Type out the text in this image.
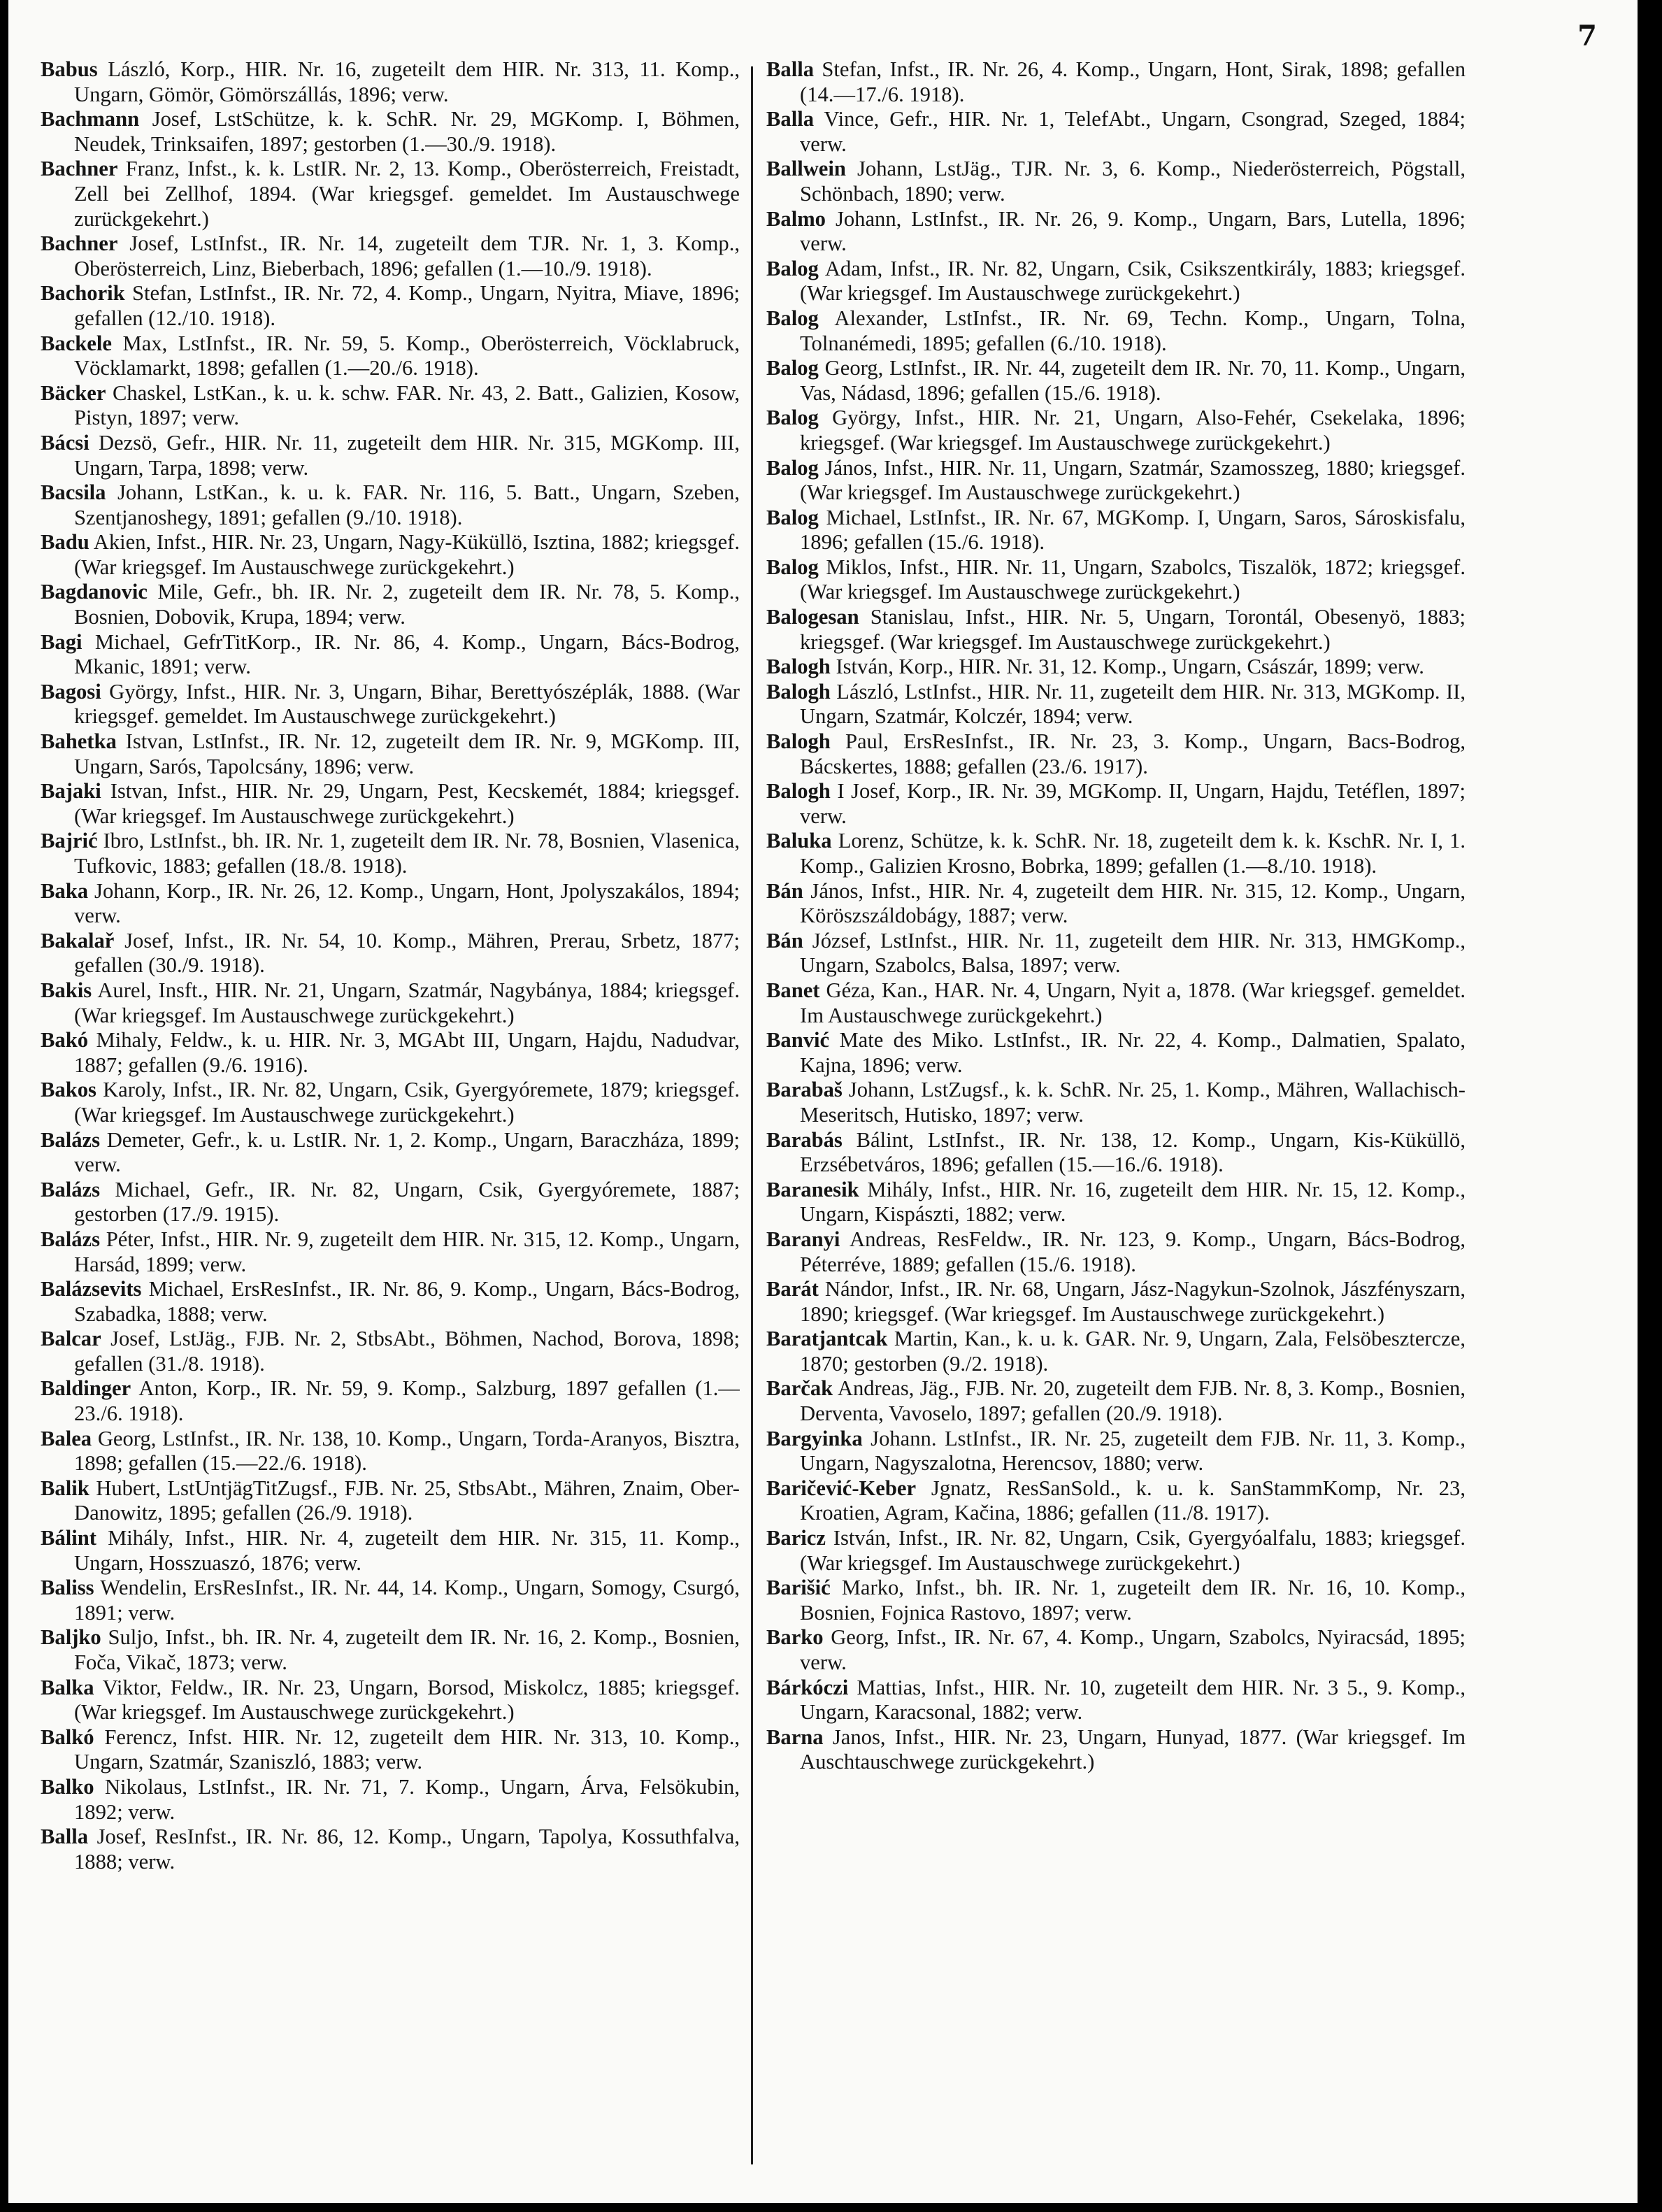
7

Babus László, Korp., HIR. Nr. 16, zugeteilt dem HIR. Nr. 313, 11. Komp., Ungarn, Gömör, Gömörszállás, 1896; verw.

Bachmann Josef, LstSchütze, k. k. SchR. Nr. 29, MGKomp. I, Böhmen, Neudek, Trinksaifen, 1897; gestorben (1.—30./9. 1918).

Bachner Franz, Infst., k. k. LstIR. Nr. 2, 13. Komp., Oberösterreich, Freistadt, Zell bei Zellhof, 1894. (War kriegsgef. gemeldet. Im Austauschwege zurückgekehrt.)

Bachner Josef, LstInfst., IR. Nr. 14, zugeteilt dem TJR. Nr. 1, 3. Komp., Oberösterreich, Linz, Bieberbach, 1896; gefallen (1.—10./9. 1918).

Bachorik Stefan, LstInfst., IR. Nr. 72, 4. Komp., Ungarn, Nyitra, Miave, 1896; gefallen (12./10. 1918).

Backele Max, LstInfst., IR. Nr. 59, 5. Komp., Oberösterreich, Vöcklabruck, Vöcklamarkt, 1898; gefallen (1.—20./6. 1918).

Bäcker Chaskel, LstKan., k. u. k. schw. FAR. Nr. 43, 2. Batt., Galizien, Kosow, Pistyn, 1897; verw.

Bácsi Dezsö, Gefr., HIR. Nr. 11, zugeteilt dem HIR. Nr. 315, MGKomp. III, Ungarn, Tarpa, 1898; verw.

Bacsila Johann, LstKan., k. u. k. FAR. Nr. 116, 5. Batt., Ungarn, Szeben, Szentjanoshegy, 1891; gefallen (9./10. 1918).

Badu Akien, Infst., HIR. Nr. 23, Ungarn, Nagy-Küküllö, Isztina, 1882; kriegsgef. (War kriegsgef. Im Austauschwege zurückgekehrt.)

Bagdanovic Mile, Gefr., bh. IR. Nr. 2, zugeteilt dem IR. Nr. 78, 5. Komp., Bosnien, Dobovik, Krupa, 1894; verw.

Bagi Michael, GefrTitKorp., IR. Nr. 86, 4. Komp., Ungarn, Bács-Bodrog, Mkanic, 1891; verw.

Bagosi György, Infst., HIR. Nr. 3, Ungarn, Bihar, Berettyószéplák, 1888. (War kriegsgef. gemeldet. Im Austauschwege zurückgekehrt.)

Bahetka Istvan, LstInfst., IR. Nr. 12, zugeteilt dem IR. Nr. 9, MGKomp. III, Ungarn, Sarós, Tapolcsány, 1896; verw.

Bajaki Istvan, Infst., HIR. Nr. 29, Ungarn, Pest, Kecskemét, 1884; kriegsgef. (War kriegsgef. Im Austauschwege zurückgekehrt.)

Bajrić Ibro, LstInfst., bh. IR. Nr. 1, zugeteilt dem IR. Nr. 78, Bosnien, Vlasenica, Tufkovic, 1883; gefallen (18./8. 1918).

Baka Johann, Korp., IR. Nr. 26, 12. Komp., Ungarn, Hont, Jpolyszakálos, 1894; verw.

Bakalař Josef, Infst., IR. Nr. 54, 10. Komp., Mähren, Prerau, Srbetz, 1877; gefallen (30./9. 1918).

Bakis Aurel, Insft., HIR. Nr. 21, Ungarn, Szatmár, Nagybánya, 1884; kriegsgef. (War kriegsgef. Im Austauschwege zurückgekehrt.)

Bakó Mihaly, Feldw., k. u. HIR. Nr. 3, MGAbt III, Ungarn, Hajdu, Nadudvar, 1887; gefallen (9./6. 1916).

Bakos Karoly, Infst., IR. Nr. 82, Ungarn, Csik, Gyergyóremete, 1879; kriegsgef. (War kriegsgef. Im Austauschwege zurückgekehrt.)

Balázs Demeter, Gefr., k. u. LstIR. Nr. 1, 2. Komp., Ungarn, Baraczháza, 1899; verw.

Balázs Michael, Gefr., IR. Nr. 82, Ungarn, Csik, Gyergyóremete, 1887; gestorben (17./9. 1915).

Balázs Péter, Infst., HIR. Nr. 9, zugeteilt dem HIR. Nr. 315, 12. Komp., Ungarn, Harsád, 1899; verw.

Balázsevits Michael, ErsResInfst., IR. Nr. 86, 9. Komp., Ungarn, Bács-Bodrog, Szabadka, 1888; verw.

Balcar Josef, LstJäg., FJB. Nr. 2, StbsAbt., Böhmen, Nachod, Borova, 1898; gefallen (31./8. 1918).

Baldinger Anton, Korp., IR. Nr. 59, 9. Komp., Salzburg, 1897 gefallen (1.—23./6. 1918).

Balea Georg, LstInfst., IR. Nr. 138, 10. Komp., Ungarn, Torda-Aranyos, Bisztra, 1898; gefallen (15.—22./6. 1918).

Balik Hubert, LstUntjägTitZugsf., FJB. Nr. 25, StbsAbt., Mähren, Znaim, Ober-Danowitz, 1895; gefallen (26./9. 1918).

Bálint Mihály, Infst., HIR. Nr. 4, zugeteilt dem HIR. Nr. 315, 11. Komp., Ungarn, Hosszuaszó, 1876; verw.

Baliss Wendelin, ErsResInfst., IR. Nr. 44, 14. Komp., Ungarn, Somogy, Csurgó, 1891; verw.

Baljko Suljo, Infst., bh. IR. Nr. 4, zugeteilt dem IR. Nr. 16, 2. Komp., Bosnien, Foča, Vikač, 1873; verw.

Balka Viktor, Feldw., IR. Nr. 23, Ungarn, Borsod, Miskolcz, 1885; kriegsgef. (War kriegsgef. Im Austauschwege zurückgekehrt.)

Balkó Ferencz, Infst. HIR. Nr. 12, zugeteilt dem HIR. Nr. 313, 10. Komp., Ungarn, Szatmár, Szaniszló, 1883; verw.

Balko Nikolaus, LstInfst., IR. Nr. 71, 7. Komp., Ungarn, Árva, Felsökubin, 1892; verw.

Balla Josef, ResInfst., IR. Nr. 86, 12. Komp., Ungarn, Tapolya, Kossuthfalva, 1888; verw.

Balla Stefan, Infst., IR. Nr. 26, 4. Komp., Ungarn, Hont, Sirak, 1898; gefallen (14.—17./6. 1918).

Balla Vince, Gefr., HIR. Nr. 1, TelefAbt., Ungarn, Csongrad, Szeged, 1884; verw.

Ballwein Johann, LstJäg., TJR. Nr. 3, 6. Komp., Niederösterreich, Pögstall, Schönbach, 1890; verw.

Balmo Johann, LstInfst., IR. Nr. 26, 9. Komp., Ungarn, Bars, Lutella, 1896; verw.

Balog Adam, Infst., IR. Nr. 82, Ungarn, Csik, Csikszentkirály, 1883; kriegsgef. (War kriegsgef. Im Austauschwege zurückgekehrt.)

Balog Alexander, LstInfst., IR. Nr. 69, Techn. Komp., Ungarn, Tolna, Tolnanémedi, 1895; gefallen (6./10. 1918).

Balog Georg, LstInfst., IR. Nr. 44, zugeteilt dem IR. Nr. 70, 11. Komp., Ungarn, Vas, Nádasd, 1896; gefallen (15./6. 1918).

Balog György, Infst., HIR. Nr. 21, Ungarn, Also-Fehér, Csekelaka, 1896; kriegsgef. (War kriegsgef. Im Austauschwege zurückgekehrt.)

Balog János, Infst., HIR. Nr. 11, Ungarn, Szatmár, Szamosszeg, 1880; kriegsgef. (War kriegsgef. Im Austauschwege zurückgekehrt.)

Balog Michael, LstInfst., IR. Nr. 67, MGKomp. I, Ungarn, Saros, Sároskisfalu, 1896; gefallen (15./6. 1918).

Balog Miklos, Infst., HIR. Nr. 11, Ungarn, Szabolcs, Tiszalök, 1872; kriegsgef. (War kriegsgef. Im Austauschwege zurückgekehrt.)

Balogesan Stanislau, Infst., HIR. Nr. 5, Ungarn, Torontál, Obesenyö, 1883; kriegsgef. (War kriegsgef. Im Austauschwege zurückgekehrt.)

Balogh István, Korp., HIR. Nr. 31, 12. Komp., Ungarn, Császár, 1899; verw.

Balogh László, LstInfst., HIR. Nr. 11, zugeteilt dem HIR. Nr. 313, MGKomp. II, Ungarn, Szatmár, Kolczér, 1894; verw.

Balogh Paul, ErsResInfst., IR. Nr. 23, 3. Komp., Ungarn, Bacs-Bodrog, Bácskertes, 1888; gefallen (23./6. 1917).

Balogh I Josef, Korp., IR. Nr. 39, MGKomp. II, Ungarn, Hajdu, Tetéflen, 1897; verw.

Baluka Lorenz, Schütze, k. k. SchR. Nr. 18, zugeteilt dem k. k. KschR. Nr. I, 1. Komp., Galizien Krosno, Bobrka, 1899; gefallen (1.—8./10. 1918).

Bán János, Infst., HIR. Nr. 4, zugeteilt dem HIR. Nr. 315, 12. Komp., Ungarn, Köröszszáldobágy, 1887; verw.

Bán József, LstInfst., HIR. Nr. 11, zugeteilt dem HIR. Nr. 313, HMGKomp., Ungarn, Szabolcs, Balsa, 1897; verw.

Banet Géza, Kan., HAR. Nr. 4, Ungarn, Nyit a, 1878. (War kriegsgef. gemeldet. Im Austauschwege zurückgekehrt.)

Banvić Mate des Miko. LstInfst., IR. Nr. 22, 4. Komp., Dalmatien, Spalato, Kajna, 1896; verw.

Barabaš Johann, LstZugsf., k. k. SchR. Nr. 25, 1. Komp., Mähren, Wallachisch-Meseritsch, Hutisko, 1897; verw.

Barabás Bálint, LstInfst., IR. Nr. 138, 12. Komp., Ungarn, Kis-Küküllö, Erzsébetváros, 1896; gefallen (15.—16./6. 1918).

Baranesik Mihály, Infst., HIR. Nr. 16, zugeteilt dem HIR. Nr. 15, 12. Komp., Ungarn, Kispászti, 1882; verw.

Baranyi Andreas, ResFeldw., IR. Nr. 123, 9. Komp., Ungarn, Bács-Bodrog, Péterréve, 1889; gefallen (15./6. 1918).

Barát Nándor, Infst., IR. Nr. 68, Ungarn, Jász-Nagykun-Szolnok, Jászfényszarn, 1890; kriegsgef. (War kriegsgef. Im Austauschwege zurückgekehrt.)

Baratjantcak Martin, Kan., k. u. k. GAR. Nr. 9, Ungarn, Zala, Felsöbeszterczе, 1870; gestorben (9./2. 1918).

Barčak Andreas, Jäg., FJB. Nr. 20, zugeteilt dem FJB. Nr. 8, 3. Komp., Bosnien, Derventa, Vavoselo, 1897; gefallen (20./9. 1918).

Bargyinka Johann. LstInfst., IR. Nr. 25, zugeteilt dem FJB. Nr. 11, 3. Komp., Ungarn, Nagyszalotna, Herencsov, 1880; verw.

Baričević-Keber Jgnatz, ResSanSold., k. u. k. SanStammKomp, Nr. 23, Kroatien, Agram, Kačina, 1886; gefallen (11./8. 1917).

Baricz István, Infst., IR. Nr. 82, Ungarn, Csik, Gyergyóalfalu, 1883; kriegsgef. (War kriegsgef. Im Austauschwege zurückgekehrt.)

Barišić Marko, Infst., bh. IR. Nr. 1, zugeteilt dem IR. Nr. 16, 10. Komp., Bosnien, Fojnica Rastovo, 1897; verw.

Barko Georg, Infst., IR. Nr. 67, 4. Komp., Ungarn, Szabolcs, Nyiracsád, 1895; verw.

Bárkóczi Mattias, Infst., HIR. Nr. 10, zugeteilt dem HIR. Nr. 3 5., 9. Komp., Ungarn, Karacsonal, 1882; verw.

Barna Janos, Infst., HIR. Nr. 23, Ungarn, Hunyad, 1877. (War kriegsgef. Im Auschtauschwege zurückgekehrt.)
